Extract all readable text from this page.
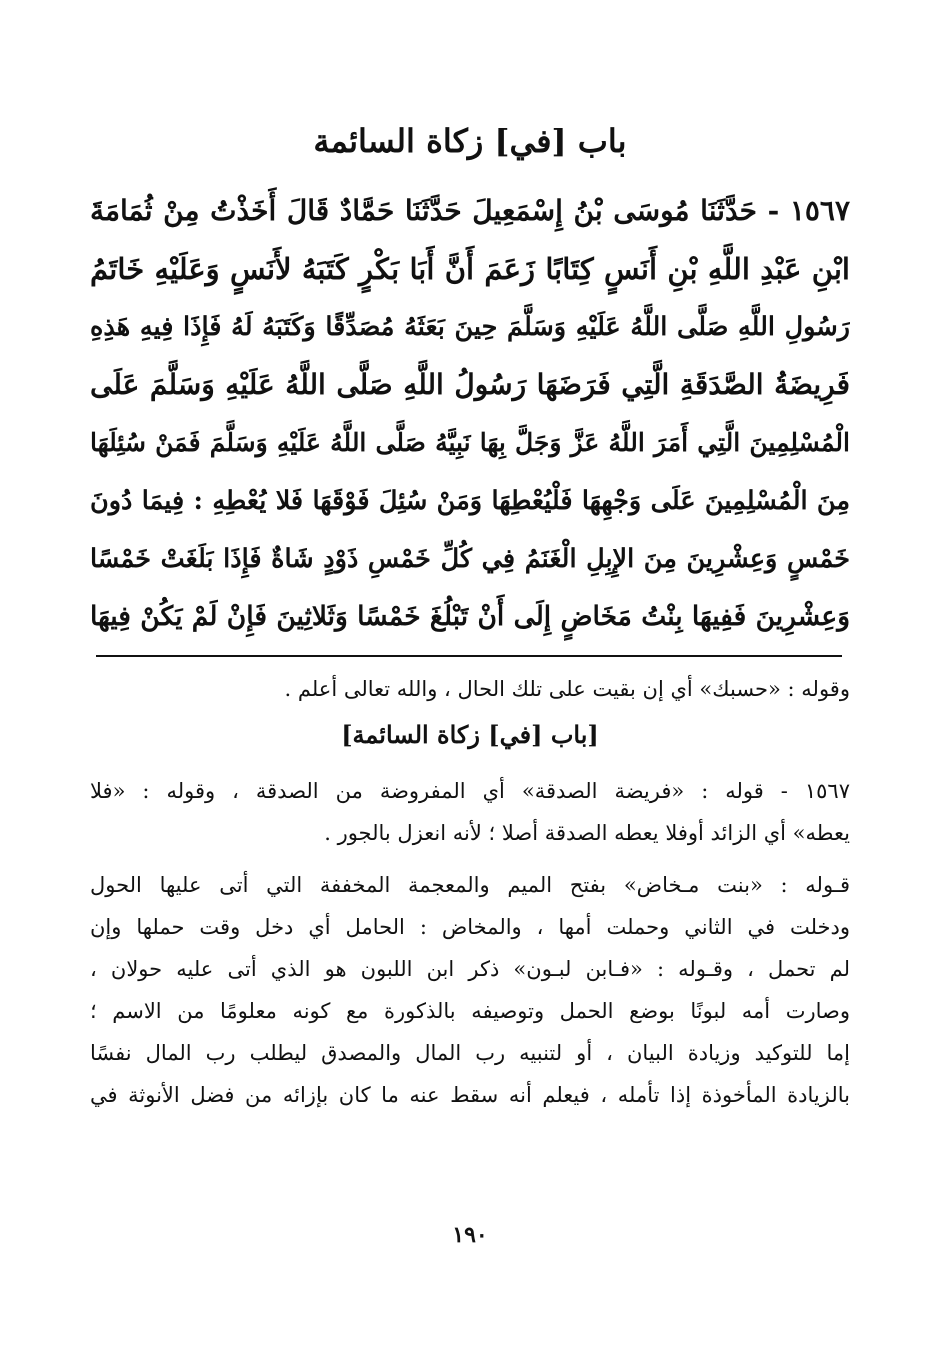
باب [في] زكاة السائمة
١٥٦٧ - حَدَّثَنَا مُوسَى بْنُ إِسْمَعِيلَ حَدَّثَنَا حَمَّادٌ قَالَ أَخَذْتُ مِنْ ثُمَامَةَ
ابْنِ عَبْدِ اللَّهِ بْنِ أَنَسٍ كِتَابًا زَعَمَ أَنَّ أَبَا بَكْرٍ كَتَبَهُ لأَنَسٍ وَعَلَيْهِ خَاتَمُ
رَسُولِ اللَّهِ صَلَّى اللَّهُ عَلَيْهِ وَسَلَّمَ حِينَ بَعَثَهُ مُصَدِّقًا وَكَتَبَهُ لَهُ فَإِذَا فِيهِ هَذِهِ
فَرِيضَةُ الصَّدَقَةِ الَّتِي فَرَضَهَا رَسُولُ اللَّهِ صَلَّى اللَّهُ عَلَيْهِ وَسَلَّمَ عَلَى
الْمُسْلِمِينَ الَّتِي أَمَرَ اللَّهُ عَزَّ وَجَلَّ بِهَا نَبِيَّهُ صَلَّى اللَّهُ عَلَيْهِ وَسَلَّمَ فَمَنْ سُئِلَهَا
مِنَ الْمُسْلِمِينَ عَلَى وَجْهِهَا فَلْيُعْطِهَا وَمَنْ سُئِلَ فَوْقَهَا فَلا يُعْطِهِ : فِيمَا دُونَ
خَمْسٍ وَعِشْرِينَ مِنَ الإِبِلِ الْغَنَمُ فِي كُلِّ خَمْسِ ذَوْدٍ شَاةٌ فَإِذَا بَلَغَتْ خَمْسًا
وَعِشْرِينَ فَفِيهَا بِنْتُ مَخَاضٍ إِلَى أَنْ تَبْلُغَ خَمْسًا وَثَلاثِينَ فَإِنْ لَمْ يَكُنْ فِيهَا
وقوله : «حسبك» أي إن بقيت على تلك الحال ، والله تعالى أعلم .
[باب [في] زكاة السائمة]
١٥٦٧ - قوله : «فريضة الصدقة» أي المفروضة من الصدقة ، وقوله : «فلا
يعطه» أي الزائد أوفلا يعطه الصدقة أصلا ؛ لأنه انعزل بالجور .
قـوله : «بنت مـخاض» بفتح الميم والمعجمة المخففة التي أتى عليها الحول
ودخلت في الثاني وحملت أمها ، والمخاض : الحامل أي دخل وقت حملها وإن
لم تحمل ، وقـوله : «فـابن لبـون» ذكر ابن اللبون هو الذي أتى عليه حولان ،
وصارت أمه لبونًا بوضع الحمل وتوصيفه بالذكورة مع كونه معلومًا من الاسم ؛
إما للتوكيد وزيادة البيان ، أو لتنبيه رب المال والمصدق ليطلب رب المال نفسًا
بالزيادة المأخوذة إذا تأمله ، فيعلم أنه سقط عنه ما كان بإزائه من فضل الأنوثة في
١٩٠
